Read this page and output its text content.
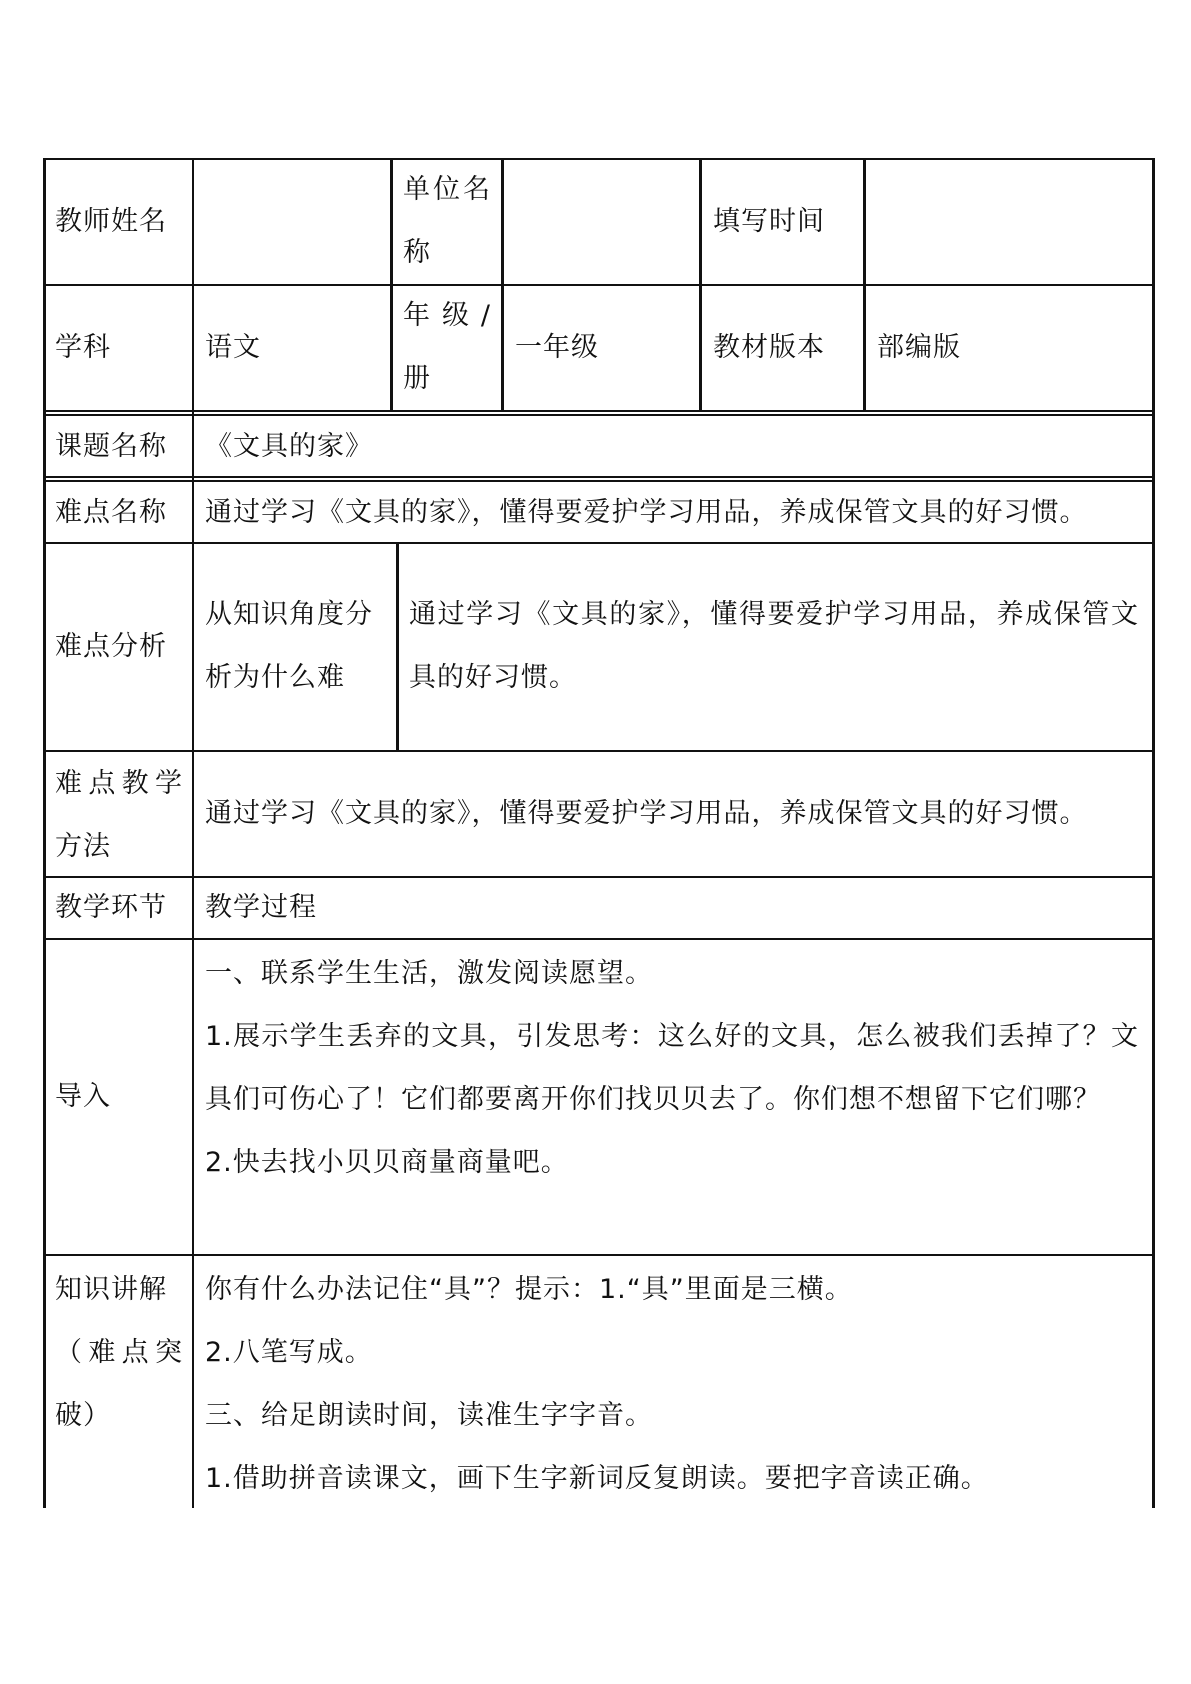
教师姓名
单位名
称
填写时间
学科	语文
年级/
册
一年级	教材版本 部编版
课题名称 《文具的家》
难点名称 通过学习《文具的家》，懂得要爱护学习用品，养成保管文具的好习惯。
难点分析
从知识角度分
析为什么难
通过学习《文具的家》，懂得要爱护学习用品，养成保管文
具的好习惯。
难点教学
方法
通过学习《文具的家》，懂得要爱护学习用品，养成保管文具的好习惯。
教学环节 教学过程
导入
一、联系学生生活，激发阅读愿望。
1.展示学生丢弃的文具，引发思考：这么好的文具，怎么被我们丢掉了？文
具们可伤心了！它们都要离开你们找贝贝去了。你们想不想留下它们哪？
2.快去找小贝贝商量商量吧。
知识讲解
（难点突
破）
你有什么办法记住“具”？提示：1.“具”里面是三横。
2.八笔写成。
三、给足朗读时间，读准生字字音。
1.借助拼音读课文，画下生字新词反复朗读。要把字音读正确。
